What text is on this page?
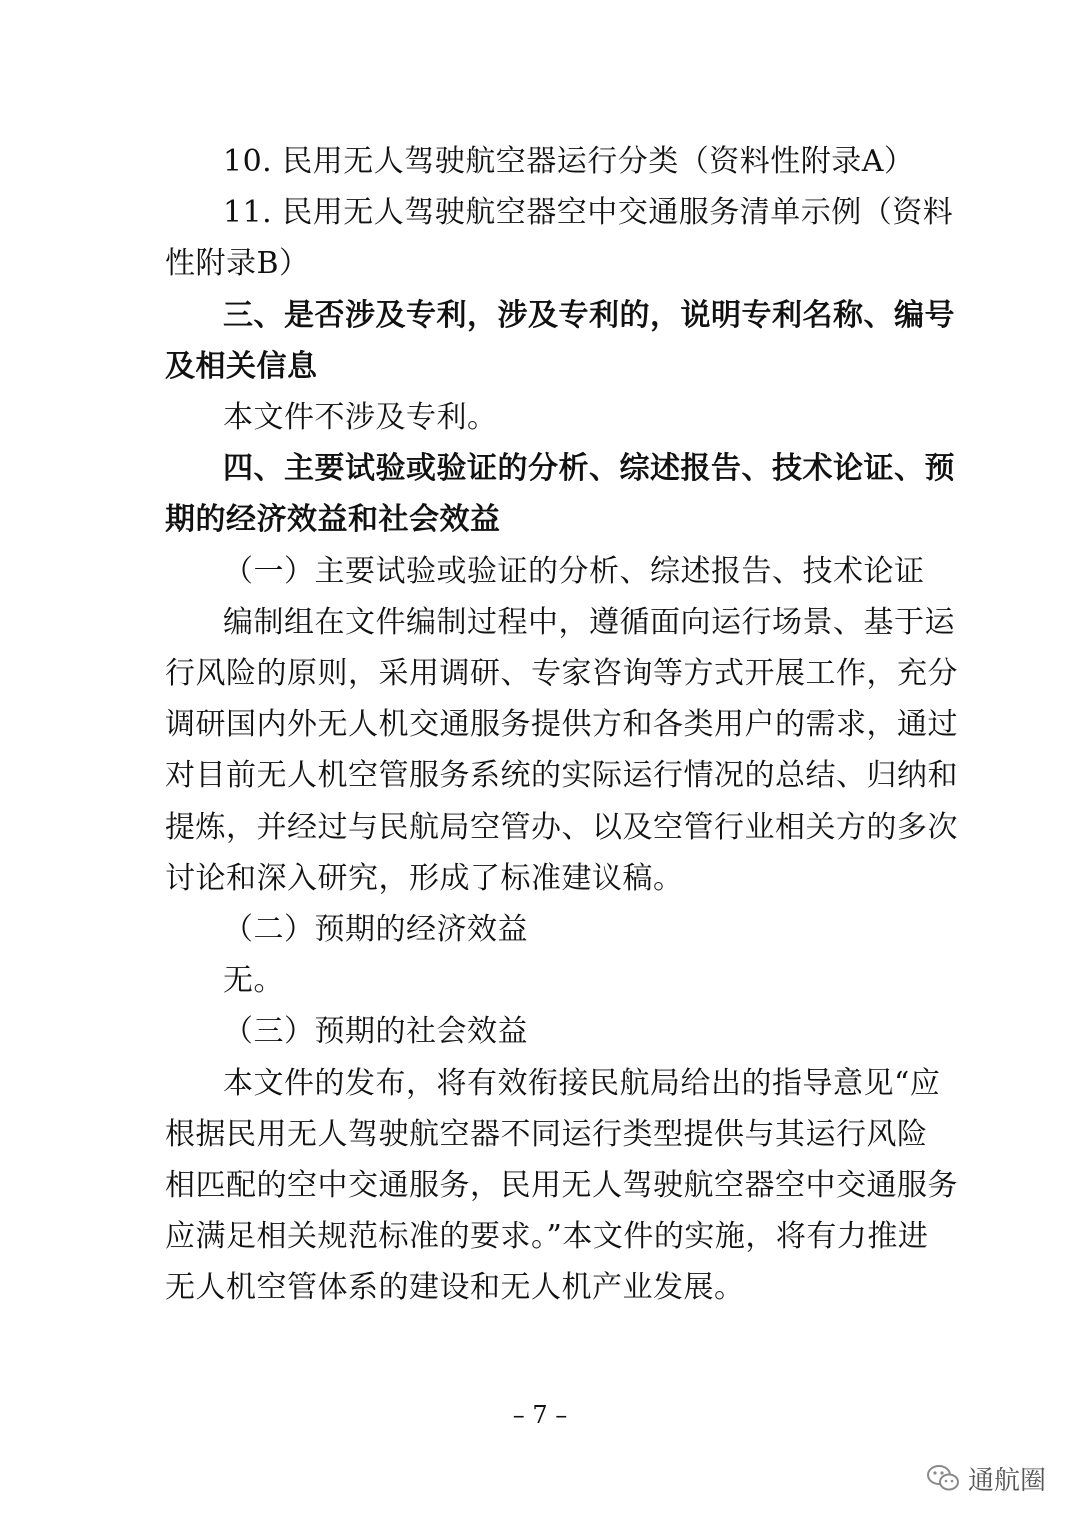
10. 民用无人驾驶航空器运行分类（资料性附录A）
11. 民用无人驾驶航空器空中交通服务清单示例（资料
性附录B）
三、是否涉及专利，涉及专利的，说明专利名称、编号
及相关信息
本文件不涉及专利。
四、主要试验或验证的分析、综述报告、技术论证、预
期的经济效益和社会效益
（一）主要试验或验证的分析、综述报告、技术论证
编制组在文件编制过程中，遵循面向运行场景、基于运
行风险的原则，采用调研、专家咨询等方式开展工作，充分
调研国内外无人机交通服务提供方和各类用户的需求，通过
对目前无人机空管服务系统的实际运行情况的总结、归纳和
提炼，并经过与民航局空管办、以及空管行业相关方的多次
讨论和深入研究，形成了标准建议稿。
（二）预期的经济效益
无。
（三）预期的社会效益
本文件的发布，将有效衔接民航局给出的指导意见“应
根据民用无人驾驶航空器不同运行类型提供与其运行风险
相匹配的空中交通服务，民用无人驾驶航空器空中交通服务
应满足相关规范标准的要求。”本文件的实施，将有力推进
无人机空管体系的建设和无人机产业发展。
– 7 –
通航圈
